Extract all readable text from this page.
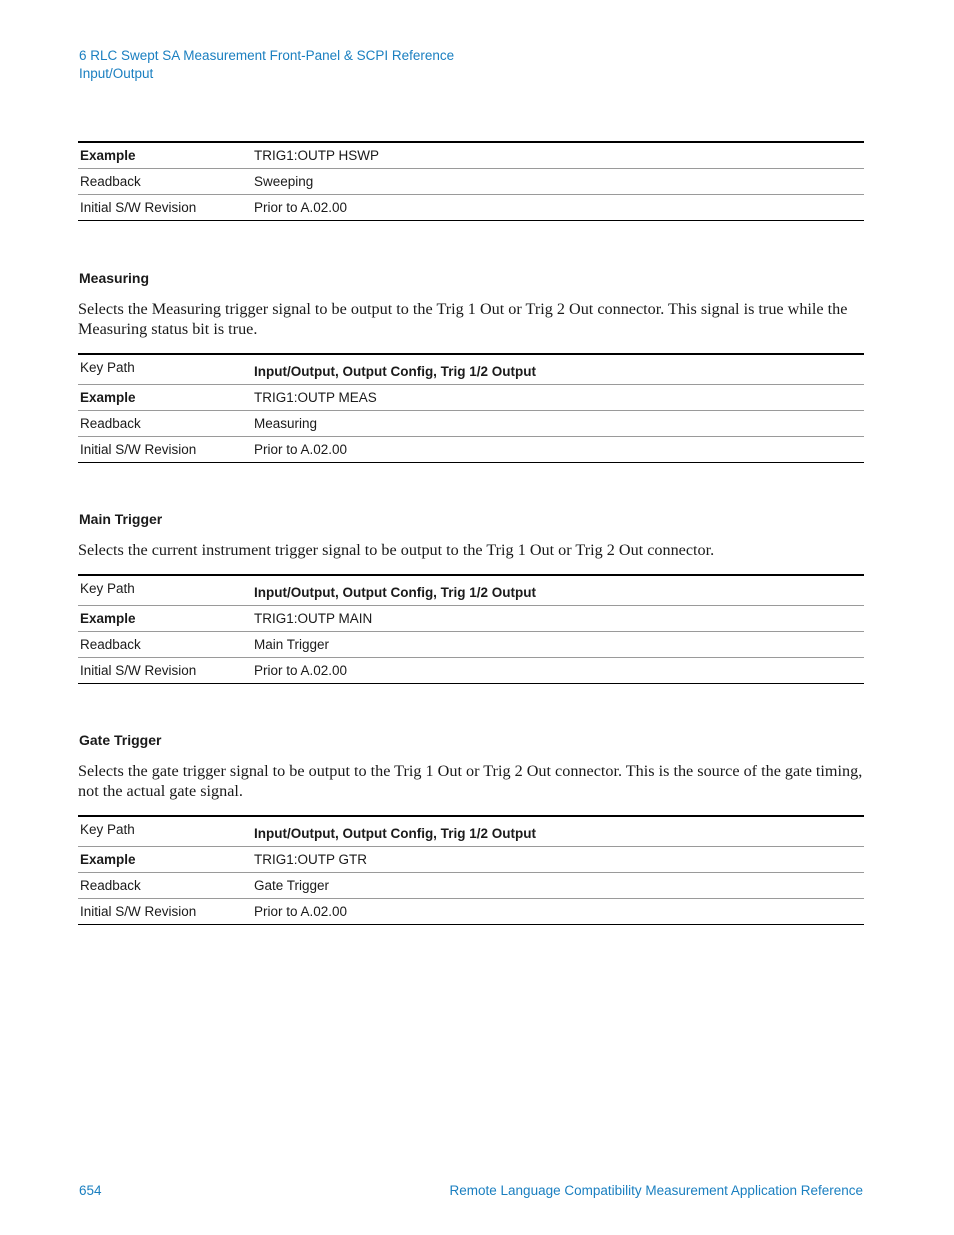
6 RLC Swept SA Measurement Front-Panel & SCPI Reference
Input/Output
Example	TRIG1:OUTP HSWP
Readback	Sweeping
Initial S/W Revision	Prior to A.02.00
Measuring
Selects the Measuring trigger signal to be output to the Trig 1 Out or Trig 2 Out connector. This signal is true while the Measuring status bit is true.
Key Path	Input/Output, Output Config, Trig 1/2 Output
Example	TRIG1:OUTP MEAS
Readback	Measuring
Initial S/W Revision	Prior to A.02.00
Main Trigger
Selects the current instrument trigger signal to be output to the Trig 1 Out or Trig 2 Out connector.
Key Path	Input/Output, Output Config, Trig 1/2 Output
Example	TRIG1:OUTP MAIN
Readback	Main Trigger
Initial S/W Revision	Prior to A.02.00
Gate Trigger
Selects the gate trigger signal to be output to the Trig 1 Out or Trig 2 Out connector. This is the source of the gate timing, not the actual gate signal.
Key Path	Input/Output, Output Config, Trig 1/2 Output
Example	TRIG1:OUTP GTR
Readback	Gate Trigger
Initial S/W Revision	Prior to A.02.00
654	Remote Language Compatibility Measurement Application Reference
